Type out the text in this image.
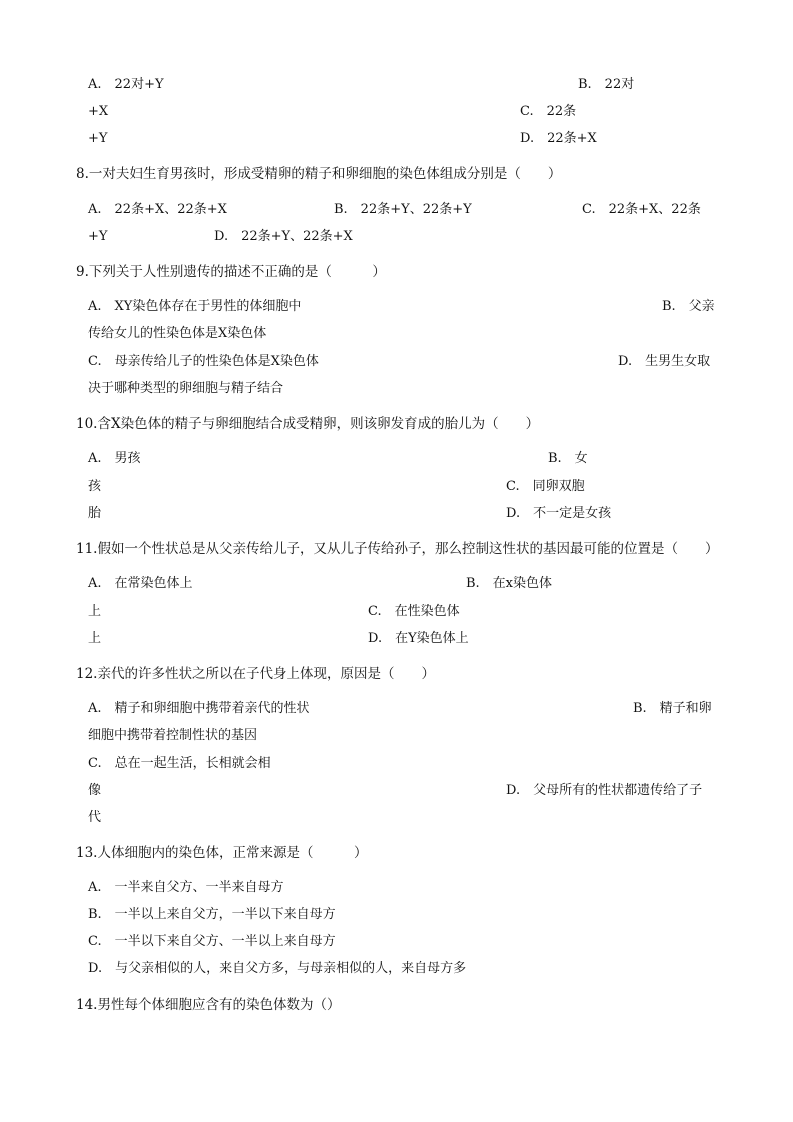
A.　22对+Y	B.　22对
+X	C.　22条
+Y	D.　22条+X
8.一对夫妇生育男孩时，形成受精卵的精子和卵细胞的染色体组成分别是（　　）
A.　22条+X、22条+X	B.　22条+Y、22条+Y	C.　22条+X、22条
+Y	D.　22条+Y、22条+X
9.下列关于人性别遗传的描述不正确的是（　　　）
A.　XY染色体存在于男性的体细胞中	B.　父亲
传给女儿的性染色体是X染色体
C.　母亲传给儿子的性染色体是X染色体	D.　生男生女取
决于哪种类型的卵细胞与精子结合
10.含X染色体的精子与卵细胞结合成受精卵，则该卵发育成的胎儿为（　　）
A.　男孩	B.　女
孩	C.　同卵双胞
胎	D.　不一定是女孩
11.假如一个性状总是从父亲传给儿子，又从儿子传给孙子，那么控制这性状的基因最可能的位置是（　　）
A.　在常染色体上	B.　在x染色体
上	C.　在性染色体
上	D.　在Y染色体上
12.亲代的许多性状之所以在子代身上体现，原因是（　　）
A.　精子和卵细胞中携带着亲代的性状	B.　精子和卵
细胞中携带着控制性状的基因
C.　总在一起生活，长相就会相
像	D.　父母所有的性状都遗传给了子
代
13.人体细胞内的染色体，正常来源是（　　　）
A.　一半来自父方、一半来自母方
B.　一半以上来自父方，一半以下来自母方
C.　一半以下来自父方、一半以上来自母方
D.　与父亲相似的人，来自父方多，与母亲相似的人，来自母方多
14.男性每个体细胞应含有的染色体数为（）
